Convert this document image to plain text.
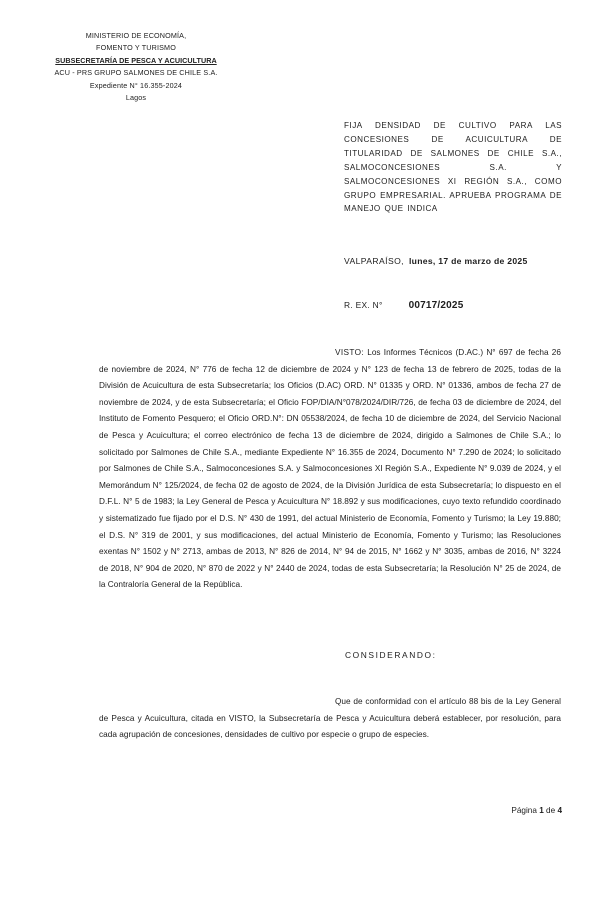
MINISTERIO DE ECONOMÍA,
FOMENTO Y TURISMO
SUBSECRETARÍA DE PESCA Y ACUICULTURA
ACU - PRS GRUPO SALMONES DE CHILE S.A.
Expediente N° 16.355-2024
Lagos
FIJA DENSIDAD DE CULTIVO PARA LAS CONCESIONES DE ACUICULTURA DE TITULARIDAD DE SALMONES DE CHILE S.A., SALMOCONCESIONES S.A. Y SALMOCONCESIONES XI REGIÓN S.A., COMO GRUPO EMPRESARIAL. APRUEBA PROGRAMA DE MANEJO QUE INDICA
VALPARAÍSO, lunes, 17 de marzo de 2025
R. EX. N°	00717/2025

VISTO: Los Informes Técnicos (D.AC.) N° 697 de fecha 26 de noviembre de 2024, N° 776 de fecha 12 de diciembre de 2024 y N° 123 de fecha 13 de febrero de 2025, todas de la División de Acuicultura de esta Subsecretaría; los Oficios (D.AC) ORD. N° 01335 y ORD. N° 01336, ambos de fecha 27 de noviembre de 2024, y de esta Subsecretaría; el Oficio FOP/DIA/N°078/2024/DIR/726, de fecha 03 de diciembre de 2024, del Instituto de Fomento Pesquero; el Oficio ORD.N°: DN 05538/2024, de fecha 10 de diciembre de 2024, del Servicio Nacional de Pesca y Acuicultura; el correo electrónico de fecha 13 de diciembre de 2024, dirigido a Salmones de Chile S.A.; lo solicitado por Salmones de Chile S.A., mediante Expediente N° 16.355 de 2024, Documento N° 7.290 de 2024; lo solicitado por Salmones de Chile S.A., Salmoconcesiones S.A. y Salmoconcesiones XI Región S.A., Expediente N° 9.039 de 2024, y el Memorándum N° 125/2024, de fecha 02 de agosto de 2024, de la División Jurídica de esta Subsecretaría; lo dispuesto en el D.F.L. N° 5 de 1983; la Ley General de Pesca y Acuicultura N° 18.892 y sus modificaciones, cuyo texto refundido coordinado y sistematizado fue fijado por el D.S. N° 430 de 1991, del actual Ministerio de Economía, Fomento y Turismo; la Ley 19.880; el D.S. N° 319 de 2001, y sus modificaciones, del actual Ministerio de Economía, Fomento y Turismo; las Resoluciones exentas N° 1502 y N° 2713, ambas de 2013, N° 826 de 2014, N° 94 de 2015, N° 1662 y N° 3035, ambas de 2016, N° 3224 de 2018, N° 904 de 2020, N° 870 de 2022 y N° 2440 de 2024, todas de esta Subsecretaría; la Resolución N° 25 de 2024, de la Contraloría General de la República.

CONSIDERANDO:

Que de conformidad con el artículo 88 bis de la Ley General de Pesca y Acuicultura, citada en VISTO, la Subsecretaría de Pesca y Acuicultura deberá establecer, por resolución, para cada agrupación de concesiones, densidades de cultivo por especie o grupo de especies.

Página 1 de 4
